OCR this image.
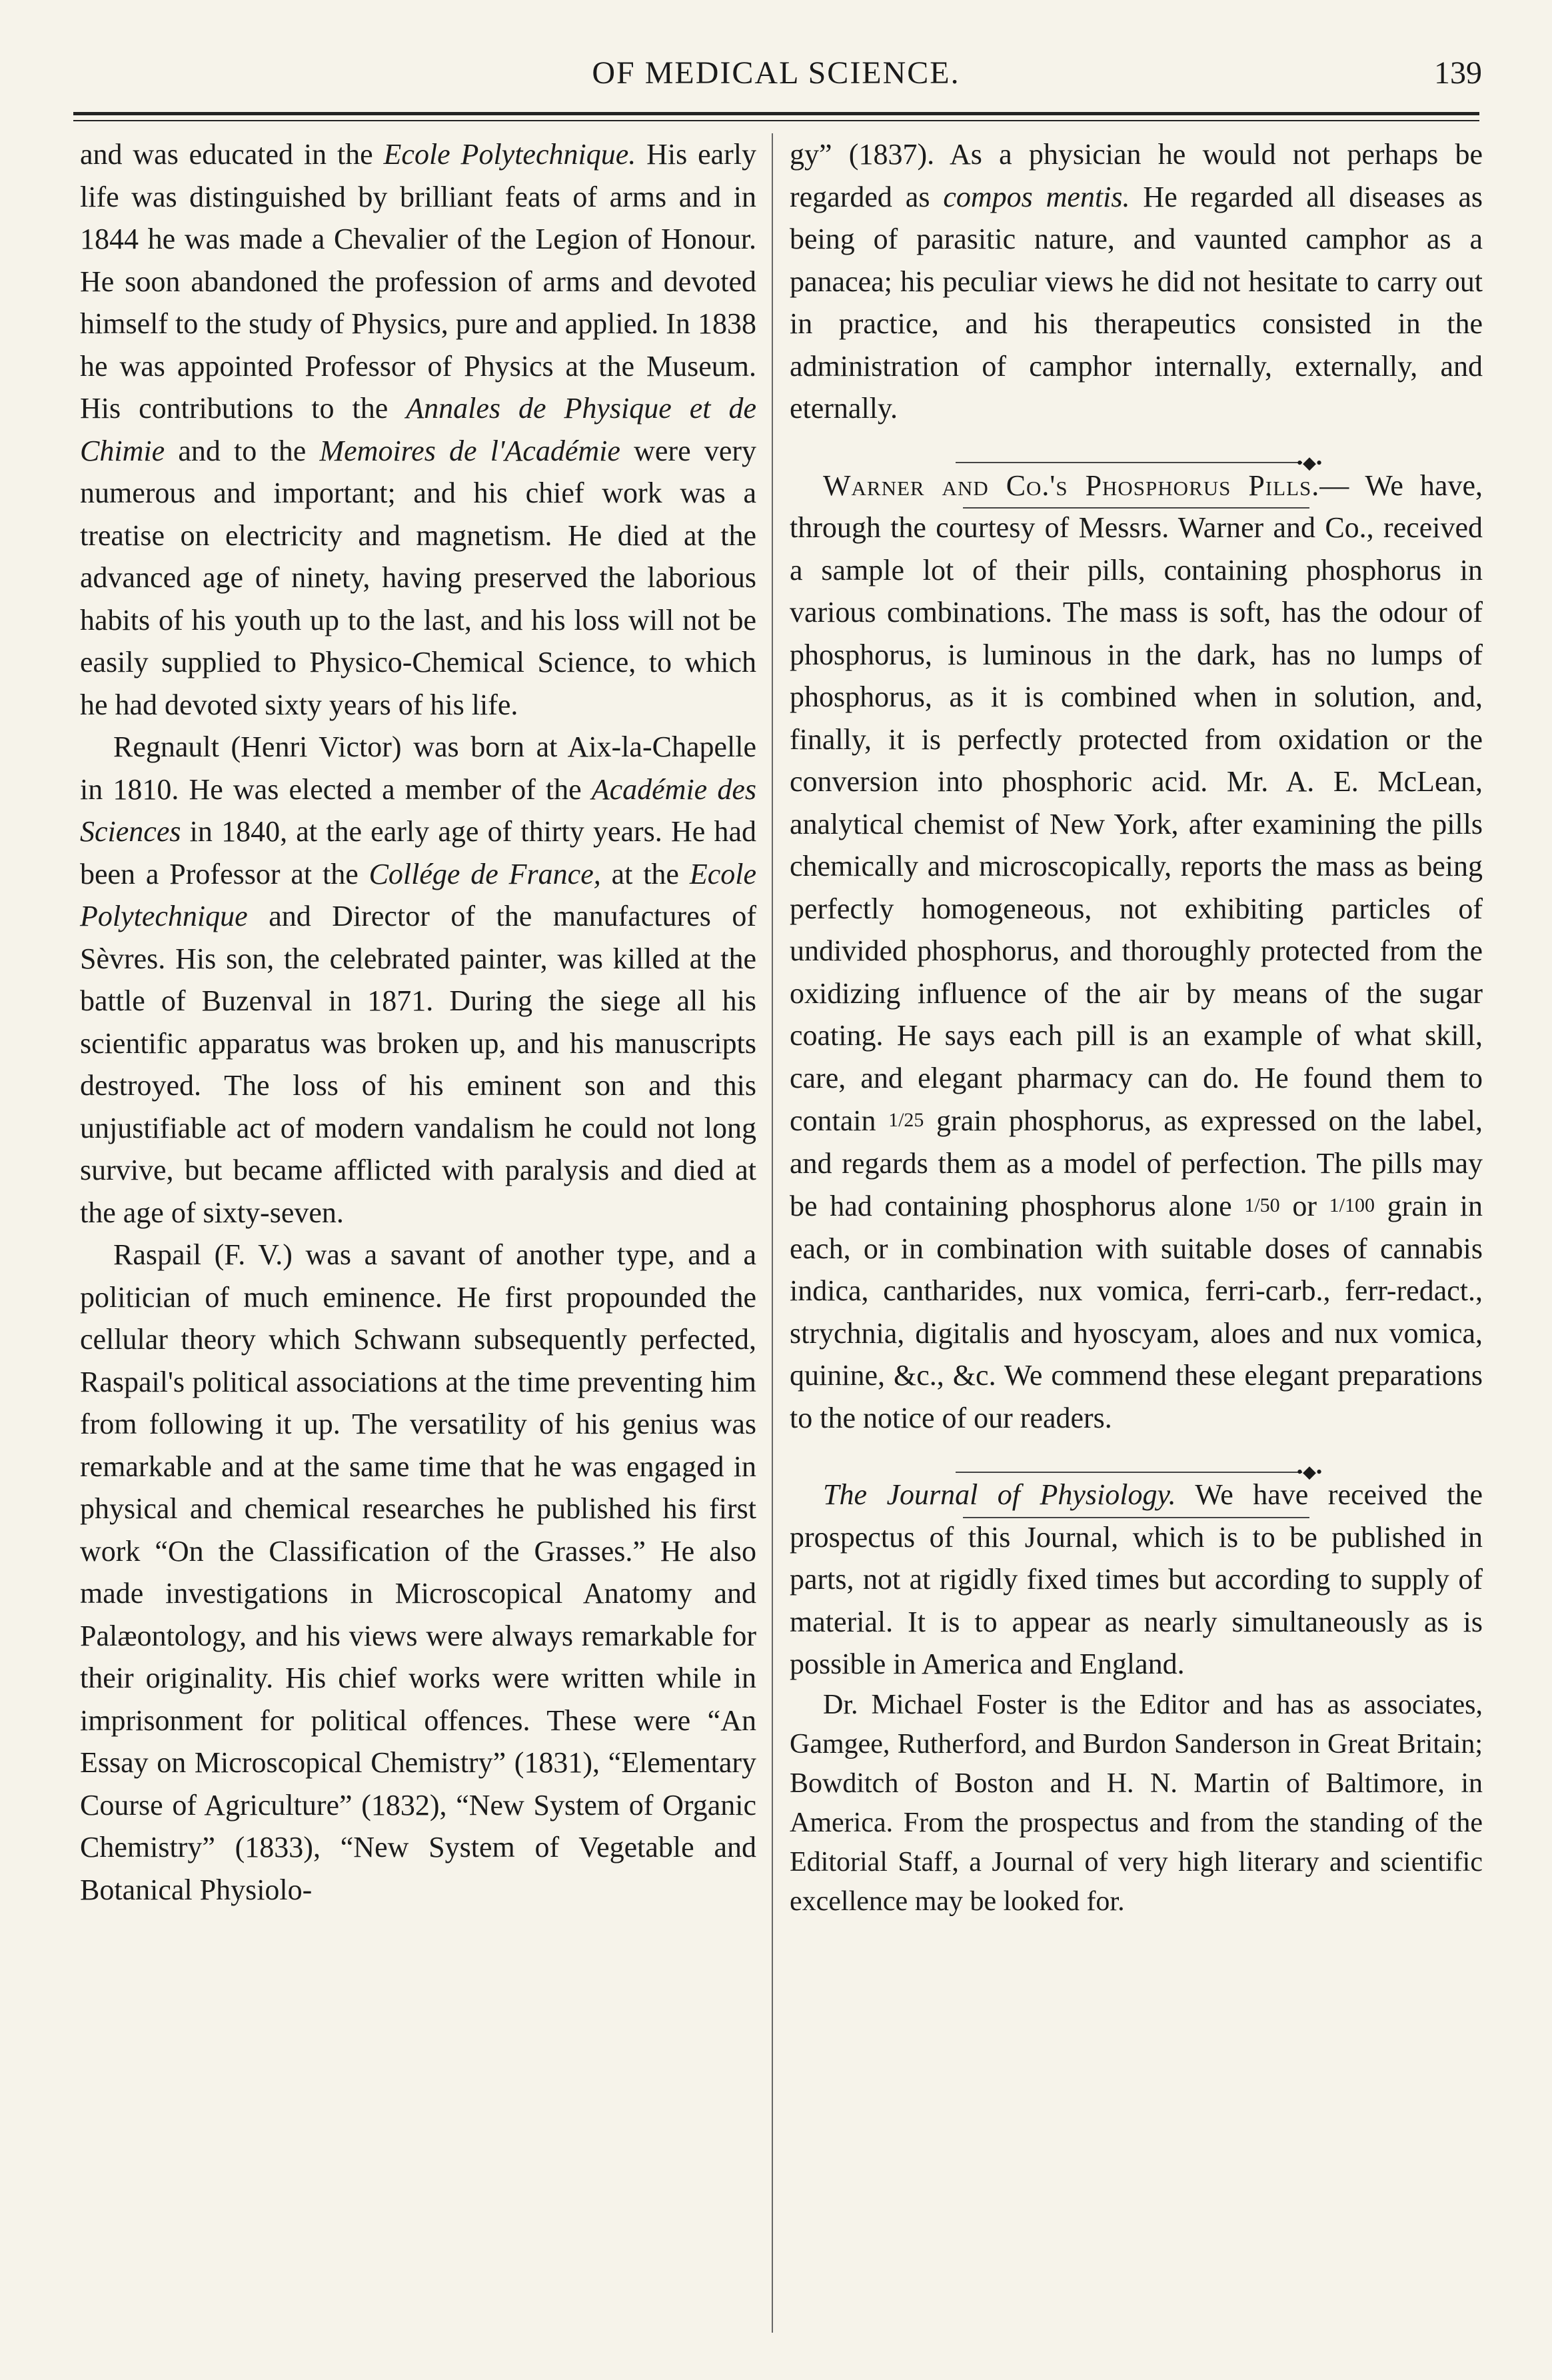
OF MEDICAL SCIENCE.	139

and was educated in the Ecole Polytechnique. His early life was distinguished by brilliant feats of arms and in 1844 he was made a Chevalier of the Legion of Honour. He soon abandoned the profession of arms and devoted himself to the study of Physics, pure and applied. In 1838 he was appointed Professor of Physics at the Museum. His contributions to the Annales de Physique et de Chimie and to the Memoires de l'Académie were very numerous and important; and his chief work was a treatise on electricity and magnetism. He died at the advanced age of ninety, having preserved the laborious habits of his youth up to the last, and his loss will not be easily supplied to Physico-Chemical Science, to which he had devoted sixty years of his life.

Regnault (Henri Victor) was born at Aix-la-Chapelle in 1810. He was elected a member of the Académie des Sciences in 1840, at the early age of thirty years. He had been a Professor at the Collége de France, at the Ecole Polytechnique and Director of the manufactures of Sèvres. His son, the celebrated painter, was killed at the battle of Buzenval in 1871. During the siege all his scientific apparatus was broken up, and his manuscripts destroyed. The loss of his eminent son and this unjustifiable act of modern vandalism he could not long survive, but became afflicted with paralysis and died at the age of sixty-seven.

Raspail (F. V.) was a savant of another type, and a politician of much eminence. He first propounded the cellular theory which Schwann subsequently perfected, Raspail's political associations at the time preventing him from following it up. The versatility of his genius was remarkable and at the same time that he was engaged in physical and chemical researches he published his first work “On the Classification of the Grasses.” He also made investigations in Microscopical Anatomy and Palæontology, and his views were always remarkable for their originality. His chief works were written while in imprisonment for political offences. These were “An Essay on Microscopical Chemistry” (1831), “Elementary Course of Agriculture” (1832), “New System of Organic Chemistry” (1833), “New System of Vegetable and Botanical Physiolo-

gy” (1837). As a physician he would not perhaps be regarded as compos mentis. He regarded all diseases as being of parasitic nature, and vaunted camphor as a panacea; his peculiar views he did not hesitate to carry out in practice, and his therapeutics consisted in the administration of camphor internally, externally, and eternally.

•◆•

Warner and Co.'s Phosphorus Pills.— We have, through the courtesy of Messrs. Warner and Co., received a sample lot of their pills, containing phosphorus in various combinations. The mass is soft, has the odour of phosphorus, is luminous in the dark, has no lumps of phosphorus, as it is combined when in solution, and, finally, it is perfectly protected from oxidation or the conversion into phosphoric acid. Mr. A. E. McLean, analytical chemist of New York, after examining the pills chemically and microscopically, reports the mass as being perfectly homogeneous, not exhibiting particles of undivided phosphorus, and thoroughly protected from the oxidizing influence of the air by means of the sugar coating. He says each pill is an example of what skill, care, and elegant pharmacy can do. He found them to contain 1/25 grain phosphorus, as expressed on the label, and regards them as a model of perfection. The pills may be had containing phosphorus alone 1/50 or 1/100 grain in each, or in combination with suitable doses of cannabis indica, cantharides, nux vomica, ferri-carb., ferr-redact., strychnia, digitalis and hyoscyam, aloes and nux vomica, quinine, &c., &c. We commend these elegant preparations to the notice of our readers.

•◆•

The Journal of Physiology. We have received the prospectus of this Journal, which is to be published in parts, not at rigidly fixed times but according to supply of material. It is to appear as nearly simultaneously as is possible in America and England.

Dr. Michael Foster is the Editor and has as associates, Gamgee, Rutherford, and Burdon Sanderson in Great Britain; Bowditch of Boston and H. N. Martin of Baltimore, in America. From the prospectus and from the standing of the Editorial Staff, a Journal of very high literary and scientific excellence may be looked for.
